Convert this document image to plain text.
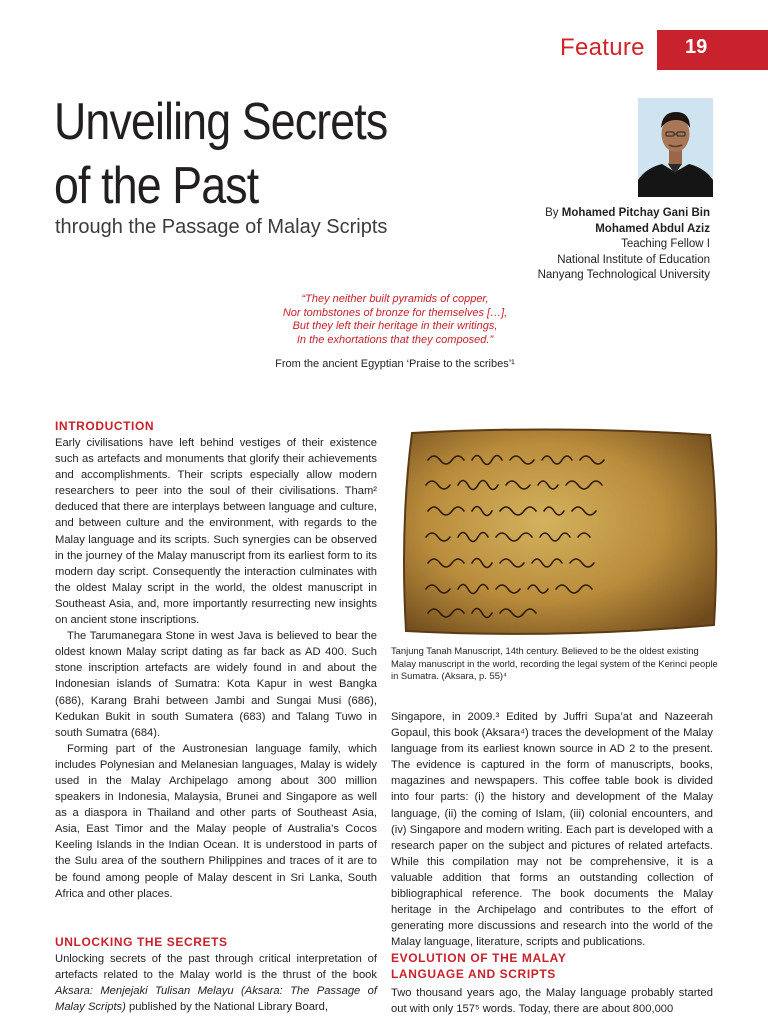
Feature 19
Unveiling Secrets
of the Past
through the Passage of Malay Scripts
By Mohamed Pitchay Gani Bin
Mohamed Abdul Aziz
Teaching Fellow I
National Institute of Education
Nanyang Technological University
“They neither built pyramids of copper,
Nor tombstones of bronze for themselves […],
But they left their heritage in their writings,
In the exhortations that they composed.”
From the ancient Egyptian ‘Praise to the scribes’¹
INTRODUCTION

Early civilisations have left behind vestiges of their existence such as artefacts and monuments that glorify their achievements and accomplishments. Their scripts especially allow modern researchers to peer into the soul of their civilisations. Tham² deduced that there are interplays between language and culture, and between culture and the environment, with regards to the Malay language and its scripts. Such synergies can be observed in the journey of the Malay manuscript from its earliest form to its modern day script. Consequently the interaction culminates with the oldest Malay script in the world, the oldest manuscript in Southeast Asia, and, more importantly resurrecting new insights on ancient stone inscriptions.

The Tarumanegara Stone in west Java is believed to bear the oldest known Malay script dating as far back as AD 400. Such stone inscription artefacts are widely found in and about the Indonesian islands of Sumatra: Kota Kapur in west Bangka (686), Karang Brahi between Jambi and Sungai Musi (686), Kedukan Bukit in south Sumatera (683) and Talang Tuwo in south Sumatra (684).

Forming part of the Austronesian language family, which includes Polynesian and Melanesian languages, Malay is widely used in the Malay Archipelago among about 300 million speakers in Indonesia, Malaysia, Brunei and Singapore as well as a diaspora in Thailand and other parts of Southeast Asia, Asia, East Timor and the Malay people of Australia’s Cocos Keeling Islands in the Indian Ocean. It is understood in parts of the Sulu area of the southern Philippines and traces of it are to be found among people of Malay descent in Sri Lanka, South Africa and other places.

UNLOCKING THE SECRETS

Unlocking secrets of the past through critical interpretation of artefacts related to the Malay world is the thrust of the book Aksara: Menjejaki Tulisan Melayu (Aksara: The Passage of Malay Scripts) published by the National Library Board,

Tanjung Tanah Manuscript, 14th century. Believed to be the oldest existing Malay manuscript in the world, recording the legal system of the Kerinci people in Sumatra. (Aksara, p. 55)⁴

Singapore, in 2009.³ Edited by Juffri Supa’at and Nazeerah Gopaul, this book (Aksara⁴) traces the development of the Malay language from its earliest known source in AD 2 to the present. The evidence is captured in the form of manuscripts, books, magazines and newspapers. This coffee table book is divided into four parts: (i) the history and development of the Malay language, (ii) the coming of Islam, (iii) colonial encounters, and (iv) Singapore and modern writing. Each part is developed with a research paper on the subject and pictures of related artefacts. While this compilation may not be comprehensive, it is a valuable addition that forms an outstanding collection of bibliographical reference. The book documents the Malay heritage in the Archipelago and contributes to the effort of generating more discussions and research into the world of the Malay language, literature, scripts and publications.

EVOLUTION OF THE MALAY
LANGUAGE AND SCRIPTS

Two thousand years ago, the Malay language probably started out with only 157⁵ words. Today, there are about 800,000
